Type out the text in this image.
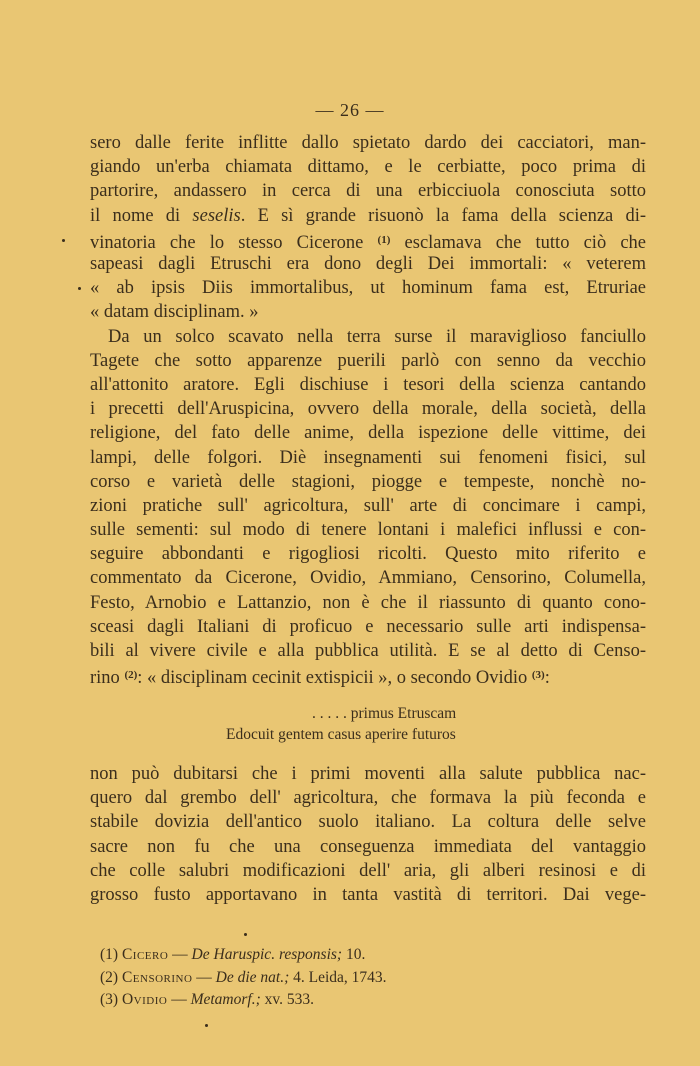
— 26 —
sero dalle ferite inflitte dallo spietato dardo dei cacciatori, man-
giando un'erba chiamata dittamo, e le cerbiatte, poco prima di
partorire, andassero in cerca di una erbicciuola conosciuta sotto
il nome di seselis. E sì grande risuonò la fama della scienza di-
vinatoria che lo stesso Cicerone $^{(1)}$ esclamava che tutto ciò che
sapeasi dagli Etruschi era dono degli Dei immortali: « veterem
« ab ipsis Diis immortalibus, ut hominum fama est, Etruriae
« datam disciplinam. »
Da un solco scavato nella terra surse il maraviglioso fanciullo
Tagete che sotto apparenze puerili parlò con senno da vecchio
all'attonito aratore. Egli dischiuse i tesori della scienza cantando
i precetti dell'Aruspicina, ovvero della morale, della società, della
religione, del fato delle anime, della ispezione delle vittime, dei
lampi, delle folgori. Diè insegnamenti sui fenomeni fisici, sul
corso e varietà delle stagioni, piogge e tempeste, nonchè no-
zioni pratiche sull' agricoltura, sull' arte di concimare i campi,
sulle sementi: sul modo di tenere lontani i malefici influssi e con-
seguire abbondanti e rigogliosi ricolti. Questo mito riferito e
commentato da Cicerone, Ovidio, Ammiano, Censorino, Columella,
Festo, Arnobio e Lattanzio, non è che il riassunto di quanto cono-
sceasi dagli Italiani di proficuo e necessario sulle arti indispensa-
bili al vivere civile e alla pubblica utilità. E se al detto di Censo-
rino $^{(2)}$: « disciplinam cecinit extispicii », o secondo Ovidio $^{(3)}$:
. . . . . primus Etruscam
Edocuit gentem casus aperire futuros
non può dubitarsi che i primi moventi alla salute pubblica nac-
quero dal grembo dell' agricoltura, che formava la più feconda e
stabile dovizia dell'antico suolo italiano. La coltura delle selve
sacre non fu che una conseguenza immediata del vantaggio
che colle salubri modificazioni dell' aria, gli alberi resinosi e di
grosso fusto apportavano in tanta vastità di territori. Dai vege-
(1) Cicero — De Haruspic. responsis; 10.
(2) Censorino — De die nat.; 4. Leida, 1743.
(3) Ovidio — Metamorf.; xv. 533.
